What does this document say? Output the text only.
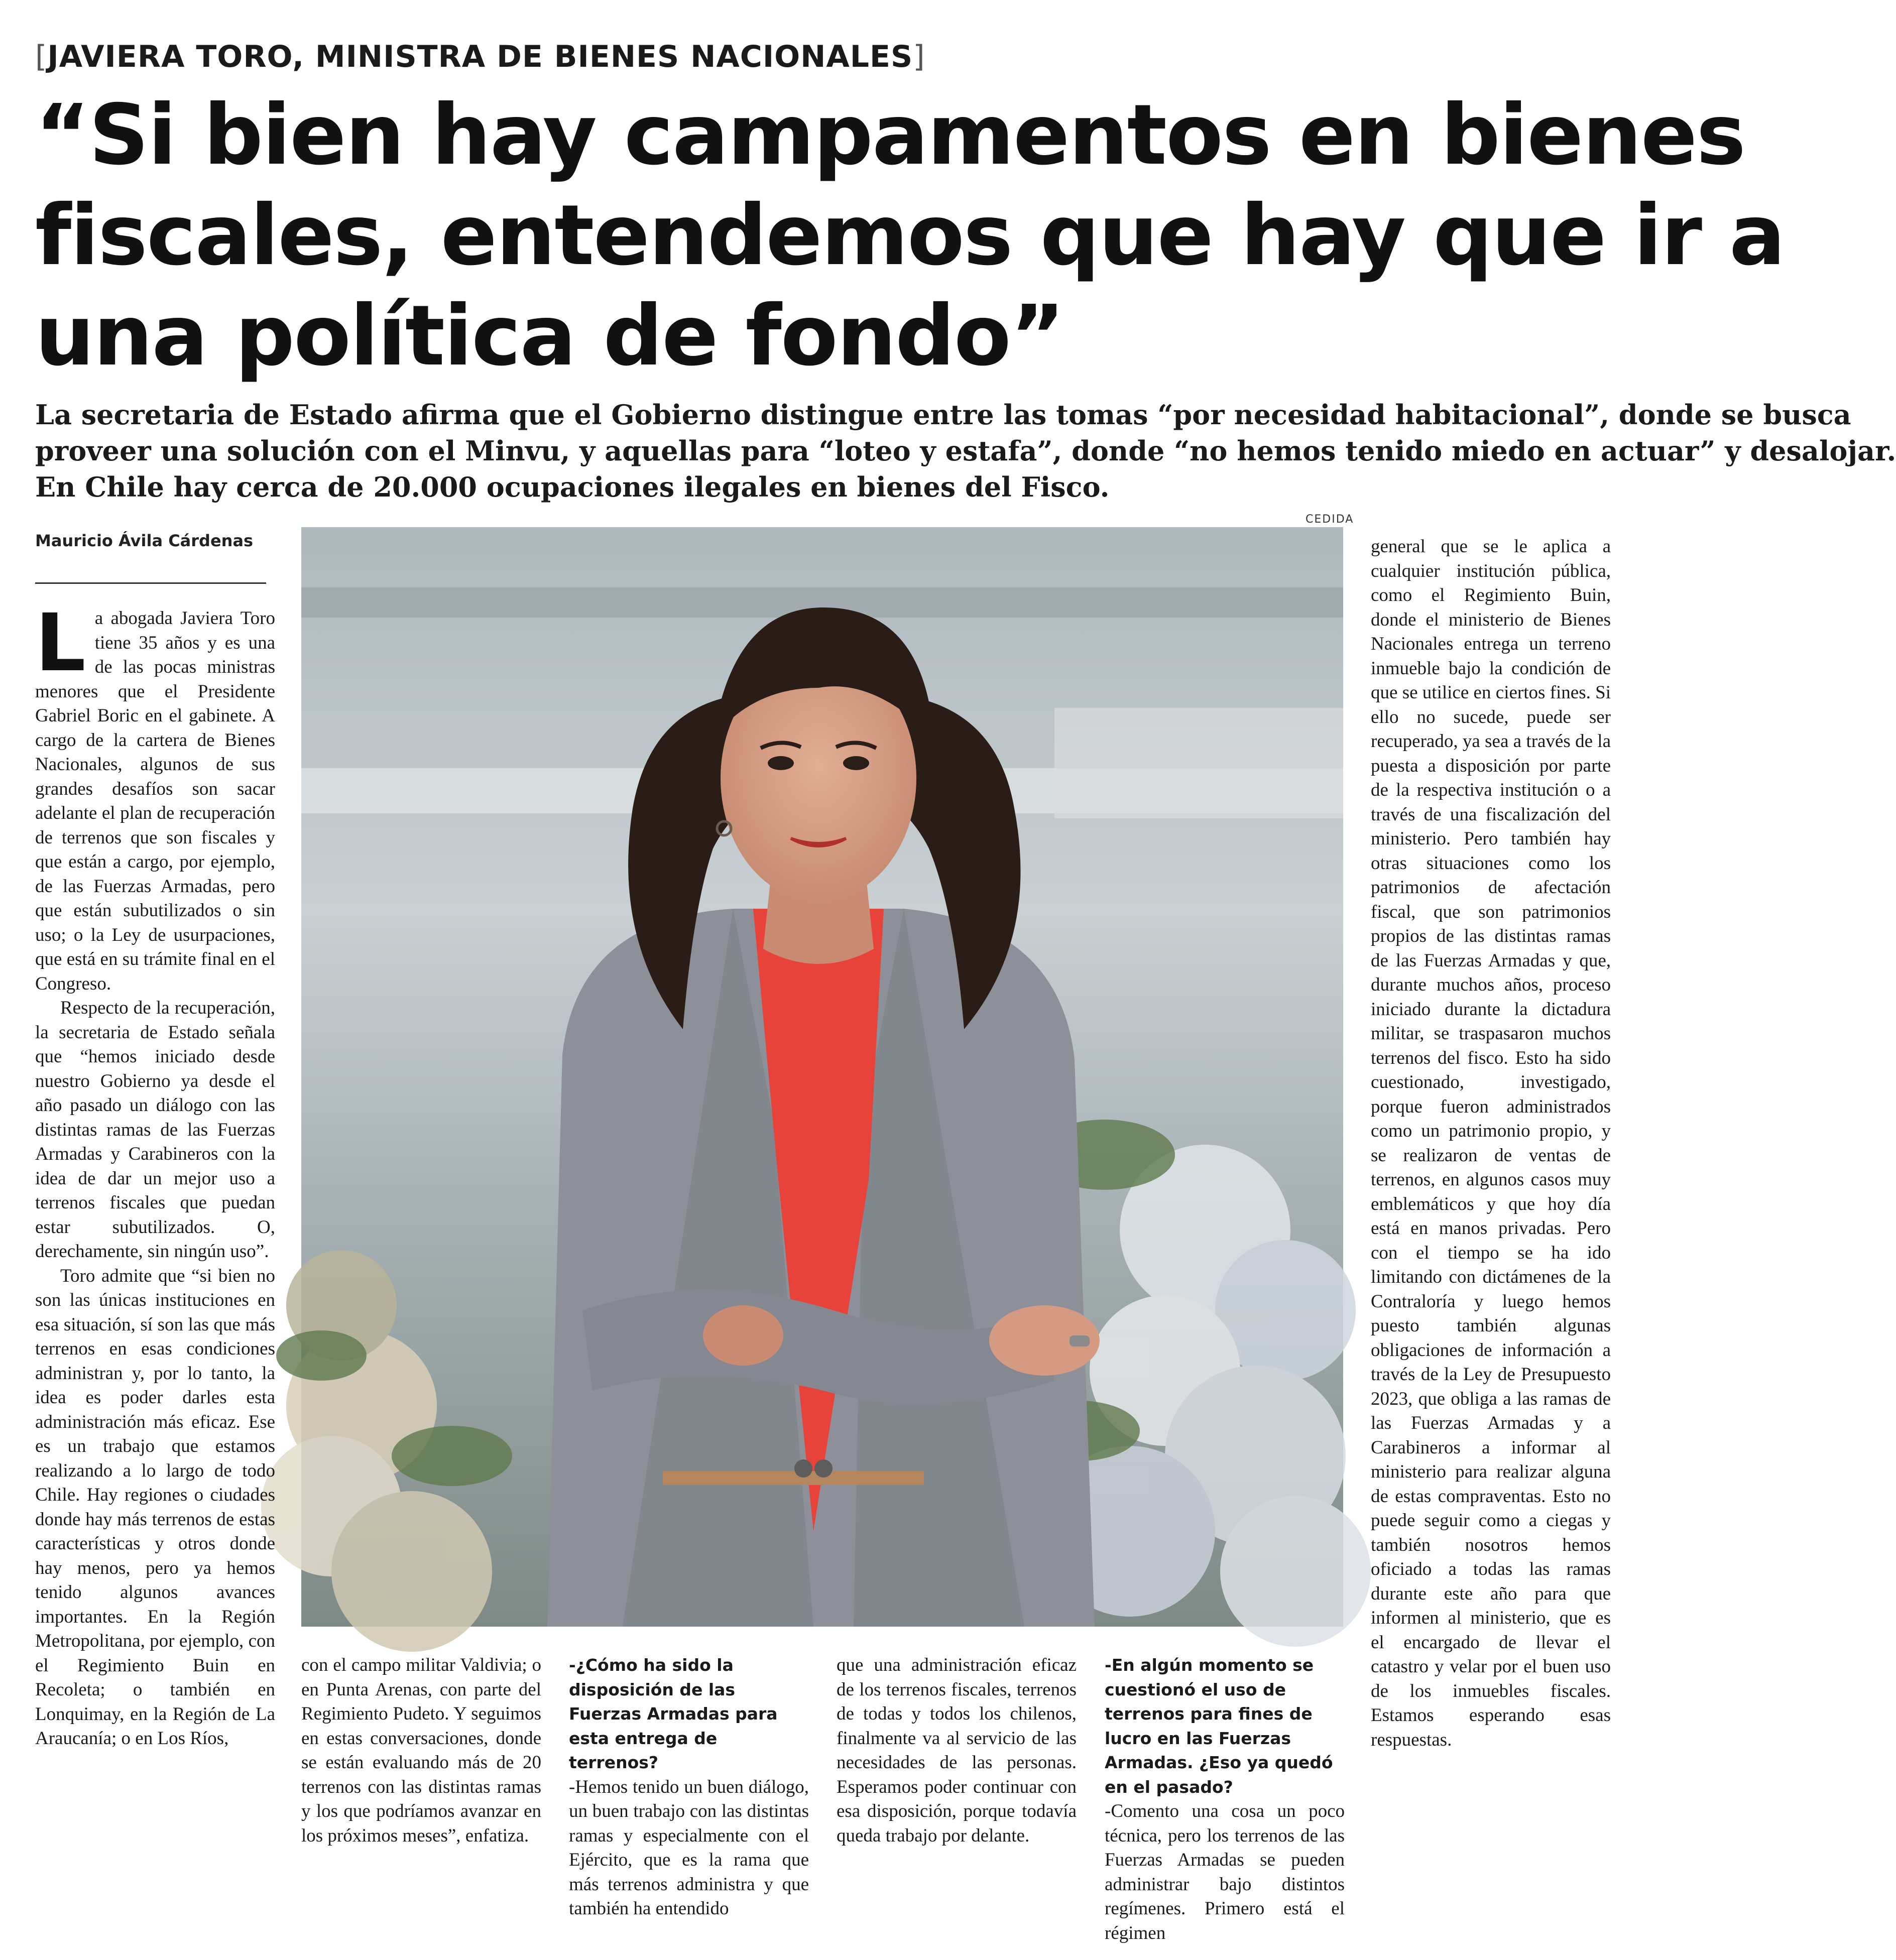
[JAVIERA TORO, MINISTRA DE BIENES NACIONALES]
“Si bien hay campamentos en bienes
fiscales, entendemos que hay que ir a
una política de fondo”
La secretaria de Estado afirma que el Gobierno distingue entre las tomas “por necesidad habitacional”, donde se busca
proveer una solución con el Minvu, y aquellas para “loteo y estafa”, donde “no hemos tenido miedo en actuar” y desalojar.
En Chile hay cerca de 20.000 ocupaciones ilegales en bienes del Fisco.
Mauricio Ávila Cárdenas
CEDIDA

La abogada Javiera Toro tiene 35 años y es una de las pocas ministras menores que el Presidente Gabriel Boric en el gabinete. A cargo de la cartera de Bienes Nacionales, algunos de sus grandes desafíos son sacar adelante el plan de recuperación de terrenos que son fiscales y que están a cargo, por ejemplo, de las Fuerzas Armadas, pero que están subutilizados o sin uso; o la Ley de usurpaciones, que está en su trámite final en el Congreso.

Respecto de la recuperación, la secretaria de Estado señala que “hemos iniciado desde nuestro Gobierno ya desde el año pasado un diálogo con las distintas ramas de las Fuerzas Armadas y Carabineros con la idea de dar un mejor uso a terrenos fiscales que puedan estar subutilizados. O, derechamente, sin ningún uso”.

Toro admite que “si bien no son las únicas instituciones en esa situación, sí son las que más terrenos en esas condiciones administran y, por lo tanto, la idea es poder darles esta administración más eficaz. Ese es un trabajo que estamos realizando a lo largo de todo Chile. Hay regiones o ciudades donde hay más terrenos de estas características y otros donde hay menos, pero ya hemos tenido algunos avances importantes. En la Región Metropolitana, por ejemplo, con el Regimiento Buin en Recoleta; o también en Lonquimay, en la Región de La Araucanía; o en Los Ríos,

con el campo militar Valdivia; o en Punta Arenas, con parte del Regimiento Pudeto. Y seguimos en estas conversaciones, donde se están evaluando más de 20 terrenos con las distintas ramas y los que podríamos avanzar en los próximos meses”, enfatiza.

-¿Cómo ha sido la disposición de las Fuerzas Armadas para esta entrega de terrenos?

-Hemos tenido un buen diálogo, un buen trabajo con las distintas ramas y especialmente con el Ejército, que es la rama que más terrenos administra y que también ha entendido

que una administración eficaz de los terrenos fiscales, terrenos de todas y todos los chilenos, finalmente va al servicio de las necesidades de las personas. Esperamos poder continuar con esa disposición, porque todavía queda trabajo por delante.

-En algún momento se cuestionó el uso de terrenos para fines de lucro en las Fuerzas Armadas. ¿Eso ya quedó en el pasado?

-Comento una cosa un poco técnica, pero los terrenos de las Fuerzas Armadas se pueden administrar bajo distintos regímenes. Primero está el régimen

general que se le aplica a cualquier institución pública, como el Regimiento Buin, donde el ministerio de Bienes Nacionales entrega un terreno inmueble bajo la condición de que se utilice en ciertos fines. Si ello no sucede, puede ser recuperado, ya sea a través de la puesta a disposición por parte de la respectiva institución o a través de una fiscalización del ministerio. Pero también hay otras situaciones como los patrimonios de afectación fiscal, que son patrimonios propios de las distintas ramas de las Fuerzas Armadas y que, durante muchos años, proceso iniciado durante la dictadura militar, se traspasaron muchos terrenos del fisco. Esto ha sido cuestionado, investigado, porque fueron administrados como un patrimonio propio, y se realizaron de ventas de terrenos, en algunos casos muy emblemáticos y que hoy día está en manos privadas. Pero con el tiempo se ha ido limitando con dictámenes de la Contraloría y luego hemos puesto también algunas obligaciones de información a través de la Ley de Presupuesto 2023, que obliga a las ramas de las Fuerzas Armadas y a Carabineros a informar al ministerio para realizar alguna de estas compraventas. Esto no puede seguir como a ciegas y también nosotros hemos oficiado a todas las ramas durante este año para que informen al ministerio, que es el encargado de llevar el catastro y velar por el buen uso de los inmuebles fiscales. Estamos esperando esas respuestas.
